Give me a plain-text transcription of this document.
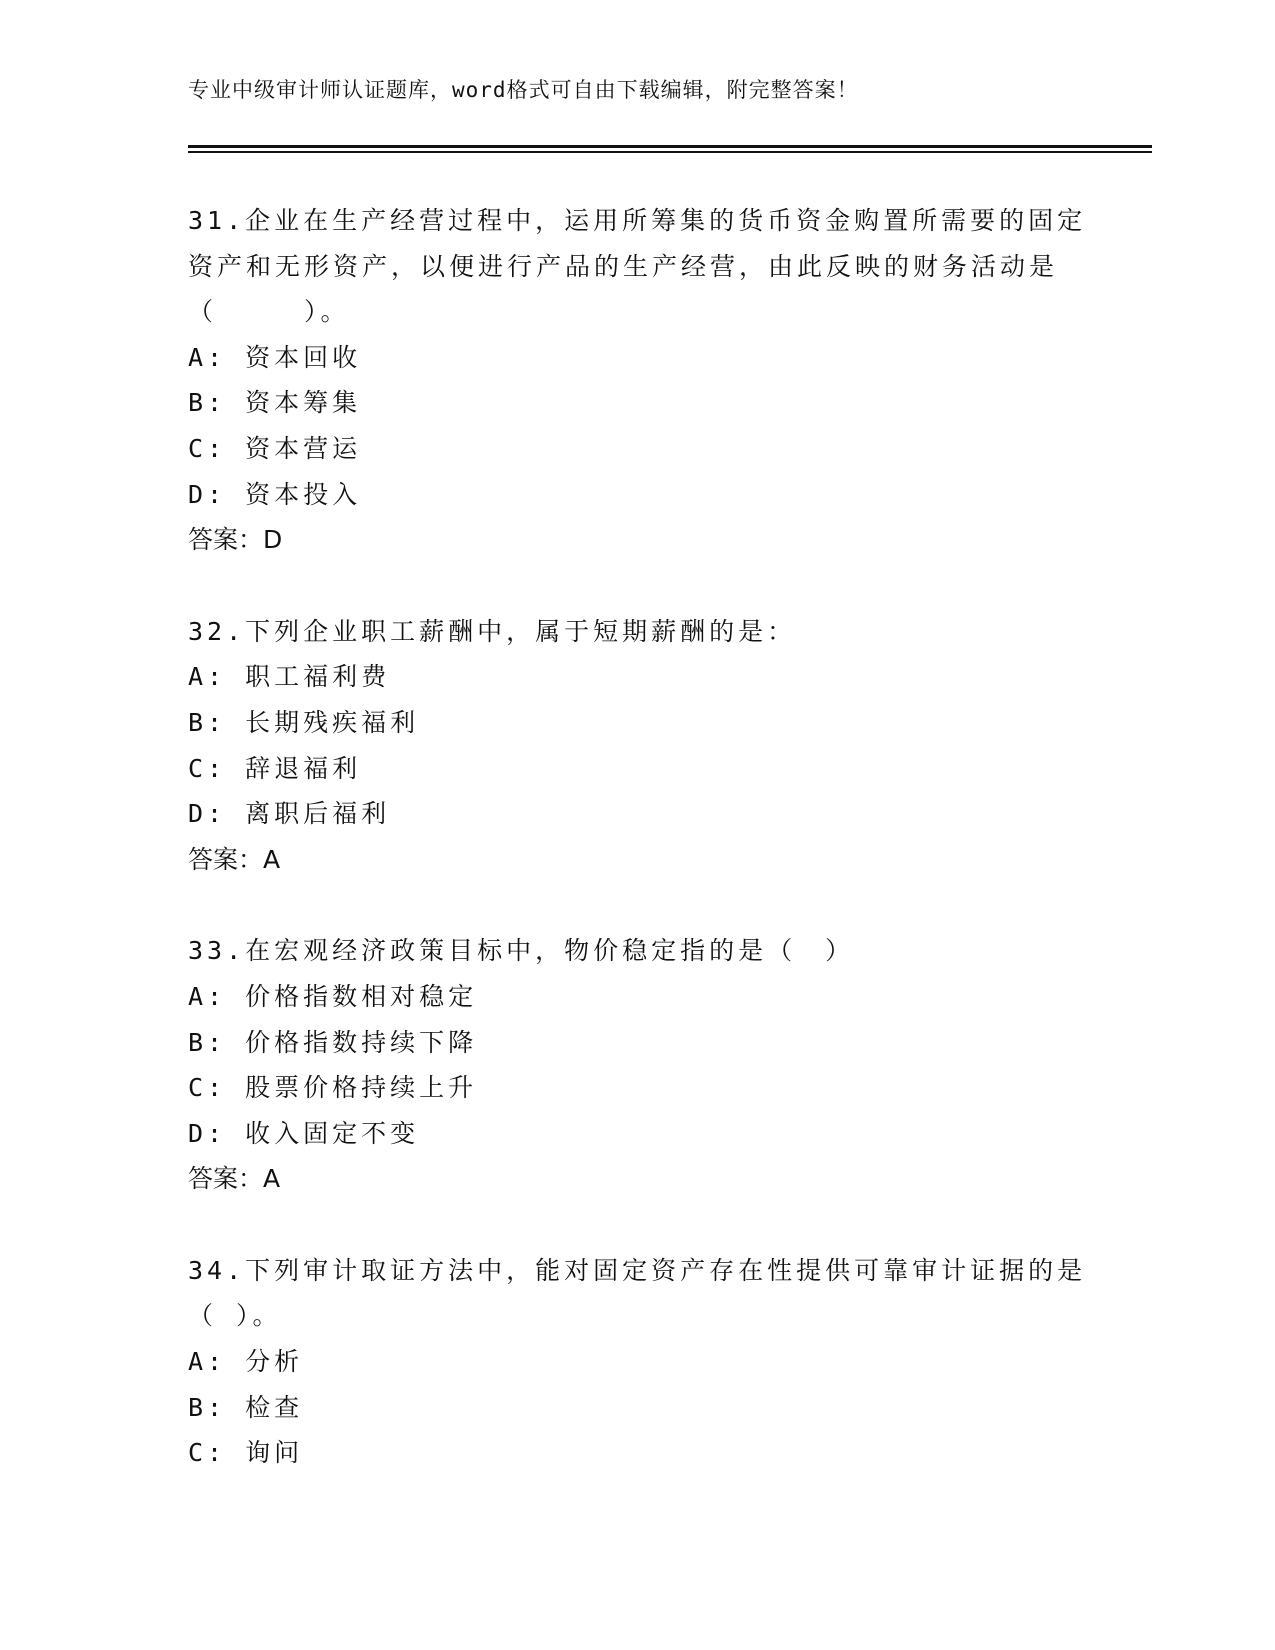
专业中级审计师认证题库，word格式可自由下载编辑，附完整答案！
31.企业在生产经营过程中，运用所筹集的货币资金购置所需要的固定
资产和无形资产，以便进行产品的生产经营，由此反映的财务活动是
（　　　）。
A: 资本回收
B: 资本筹集
C: 资本营运
D: 资本投入
答案：D
32.下列企业职工薪酬中，属于短期薪酬的是：
A: 职工福利费
B: 长期残疾福利
C: 辞退福利
D: 离职后福利
答案：A
33.在宏观经济政策目标中，物价稳定指的是（　）
A: 价格指数相对稳定
B: 价格指数持续下降
C: 股票价格持续上升
D: 收入固定不变
答案：A
34.下列审计取证方法中，能对固定资产存在性提供可靠审计证据的是
（ ）。
A: 分析
B: 检查
C: 询问
